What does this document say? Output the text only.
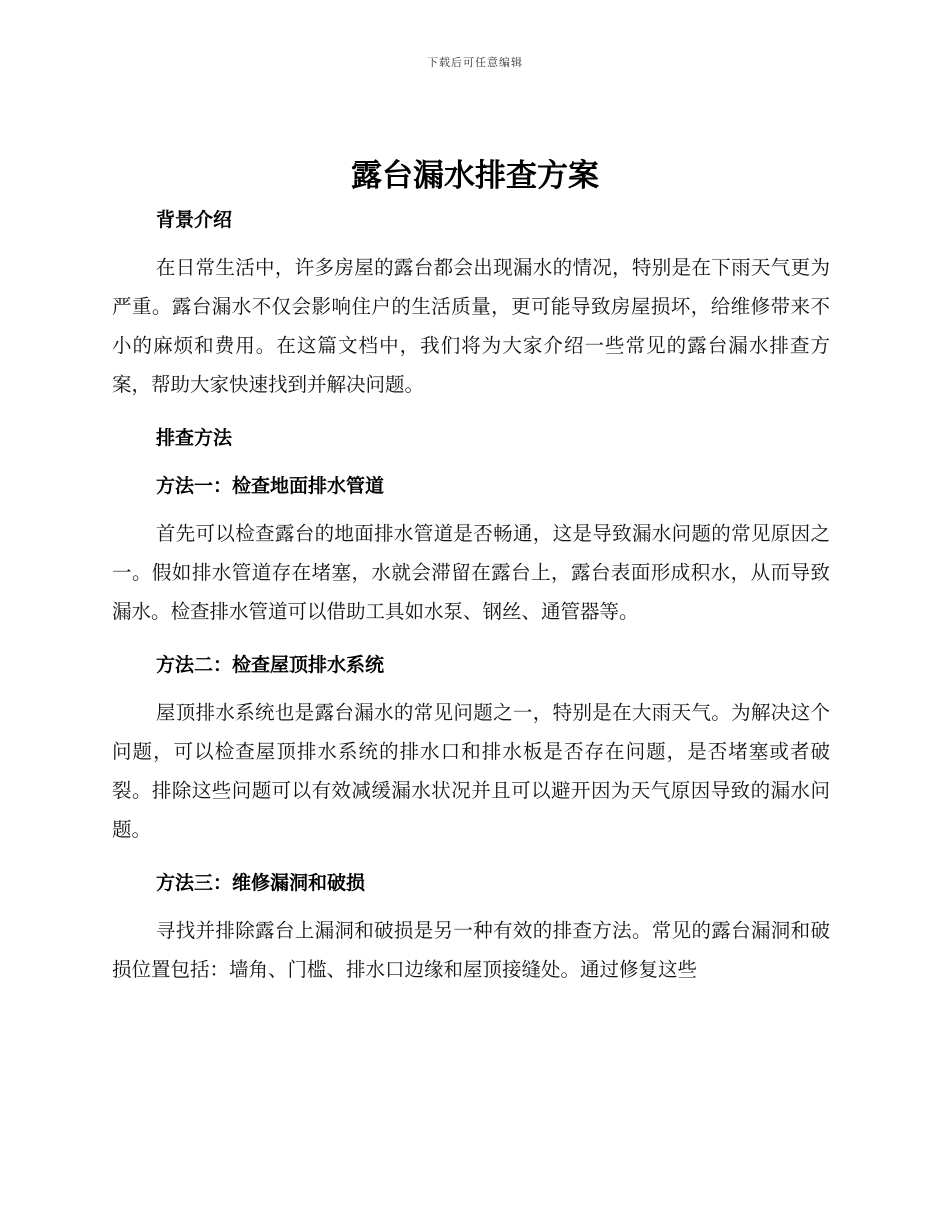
下载后可任意编辑
露台漏水排查方案

背景介绍

在日常生活中，许多房屋的露台都会出现漏水的情况，特别是在下雨天气更为严重。露台漏水不仅会影响住户的生活质量，更可能导致房屋损坏，给维修带来不小的麻烦和费用。在这篇文档中，我们将为大家介绍一些常见的露台漏水排查方案，帮助大家快速找到并解决问题。

排查方法

方法一：检查地面排水管道

首先可以检查露台的地面排水管道是否畅通，这是导致漏水问题的常见原因之一。假如排水管道存在堵塞，水就会滞留在露台上，露台表面形成积水，从而导致漏水。检查排水管道可以借助工具如水泵、钢丝、通管器等。

方法二：检查屋顶排水系统

屋顶排水系统也是露台漏水的常见问题之一，特别是在大雨天气。为解决这个问题，可以检查屋顶排水系统的排水口和排水板是否存在问题，是否堵塞或者破裂。排除这些问题可以有效减缓漏水状况并且可以避开因为天气原因导致的漏水问题。

方法三：维修漏洞和破损

寻找并排除露台上漏洞和破损是另一种有效的排查方法。常见的露台漏洞和破损位置包括：墙角、门槛、排水口边缘和屋顶接缝处。通过修复这些
